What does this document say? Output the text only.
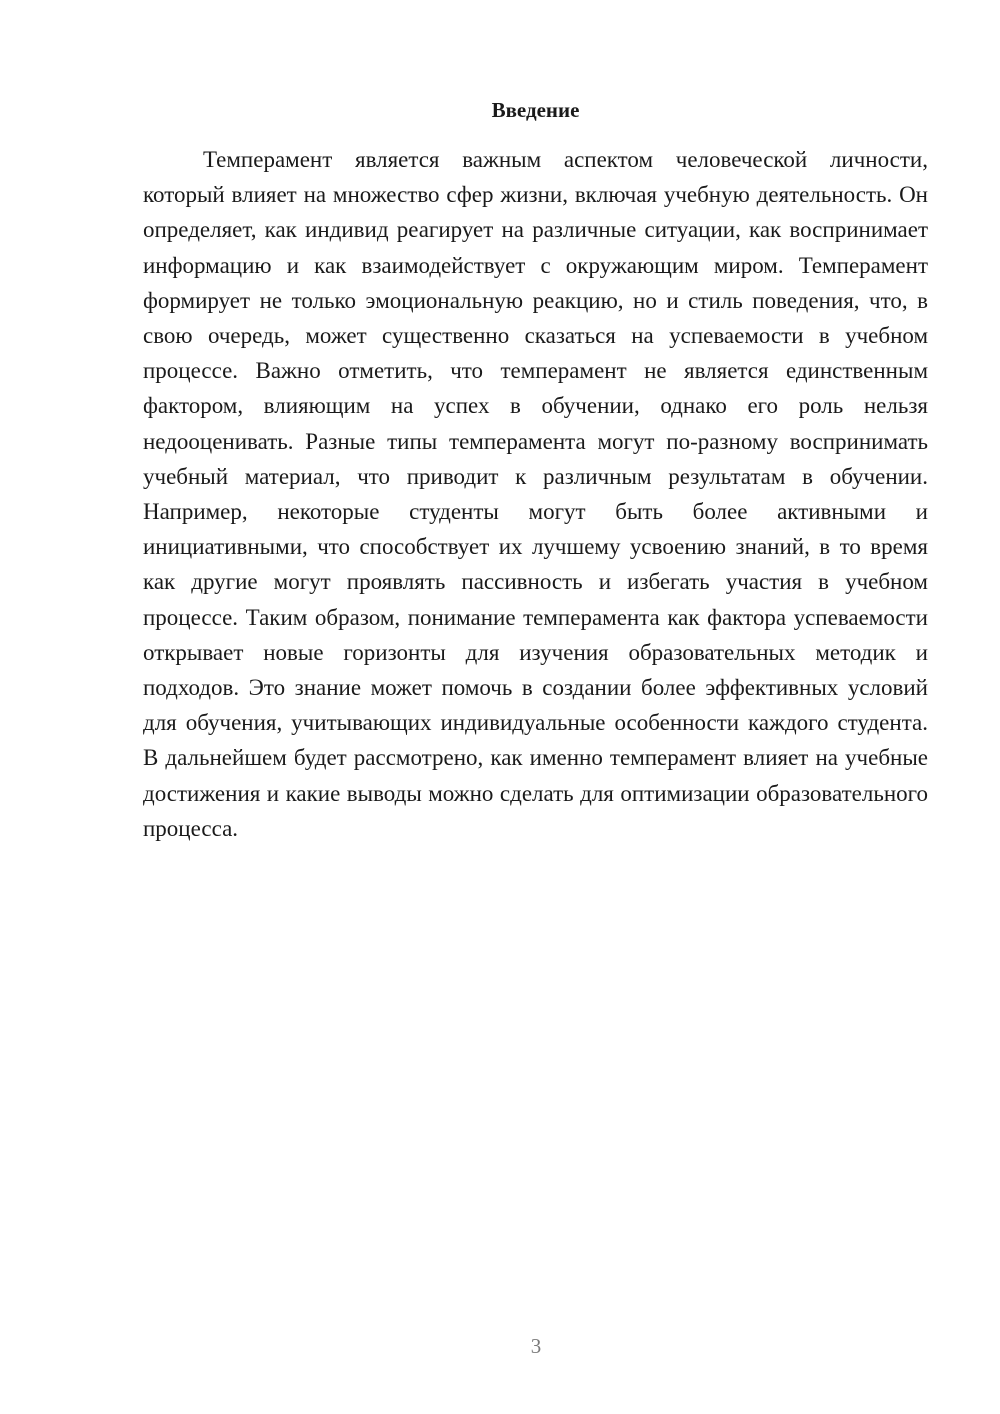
Введение

Темперамент является важным аспектом человеческой личности, который влияет на множество сфер жизни, включая учебную деятельность. Он определяет, как индивид реагирует на различные ситуации, как воспринимает информацию и как взаимодействует с окружающим миром. Темперамент формирует не только эмоциональную реакцию, но и стиль поведения, что, в свою очередь, может существенно сказаться на успеваемости в учебном процессе. Важно отметить, что темперамент не является единственным фактором, влияющим на успех в обучении, однако его роль нельзя недооценивать. Разные типы темперамента могут по-разному воспринимать учебный материал, что приводит к различным результатам в обучении. Например, некоторые студенты могут быть более активными и инициативными, что способствует их лучшему усвоению знаний, в то время как другие могут проявлять пассивность и избегать участия в учебном процессе. Таким образом, понимание темперамента как фактора успеваемости открывает новые горизонты для изучения образовательных методик и подходов. Это знание может помочь в создании более эффективных условий для обучения, учитывающих индивидуальные особенности каждого студента. В дальнейшем будет рассмотрено, как именно темперамент влияет на учебные достижения и какие выводы можно сделать для оптимизации образовательного процесса.

3
